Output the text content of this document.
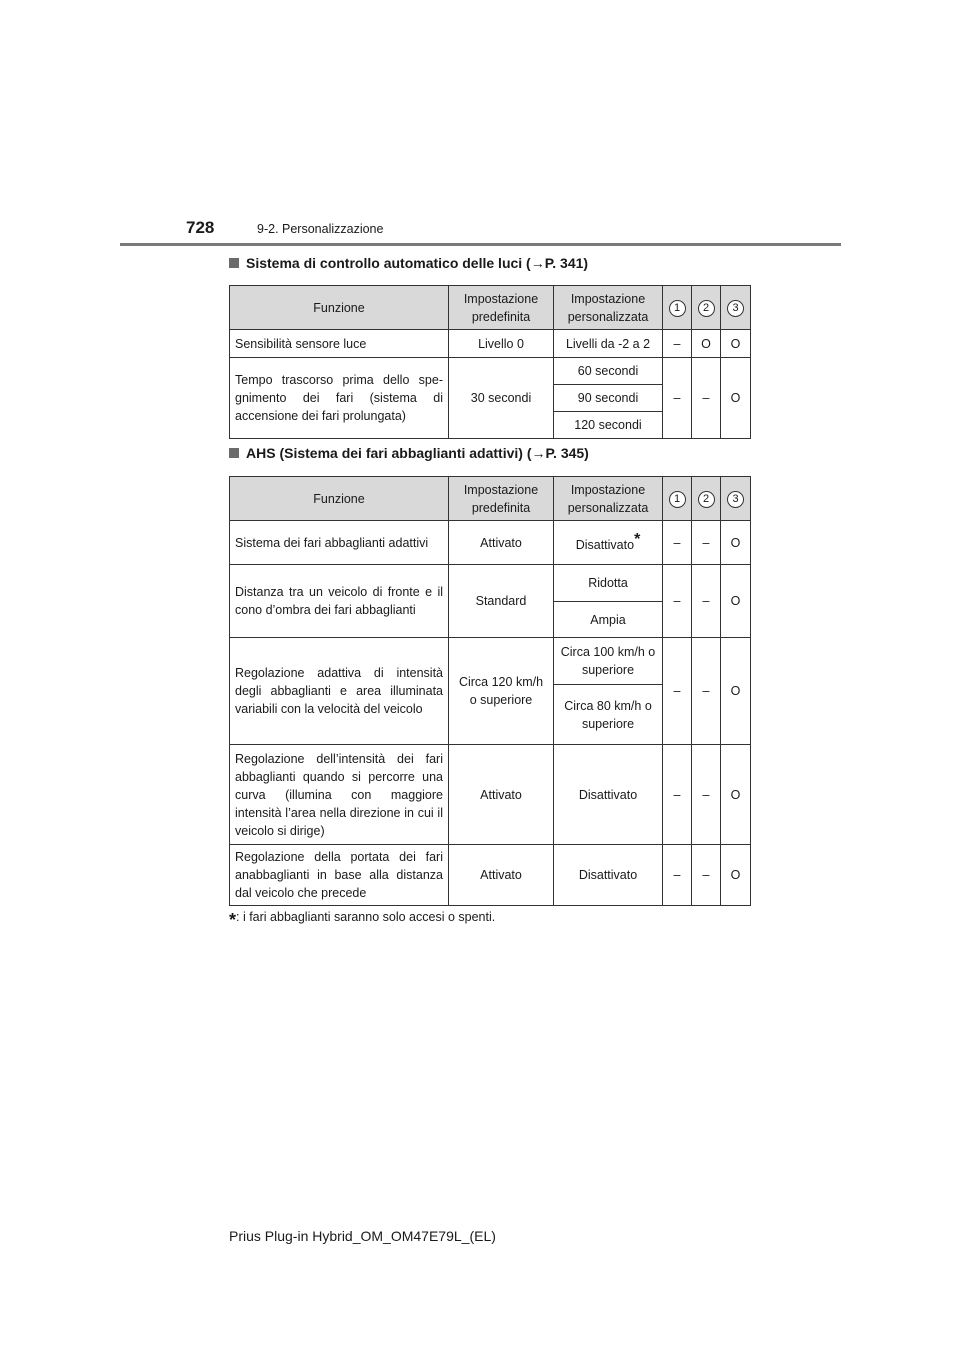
728	9-2. Personalizzazione
Sistema di controllo automatico delle luci (→P. 341)
Funzione	Impostazione predefinita	Impostazione personalizzata	1	2	3
Sensibilità sensore luce	Livello 0	Livelli da -2 a 2	–	O	O
Tempo trascorso prima dello spegnimento dei fari (sistema di accensione dei fari prolungata)	30 secondi	60 secondi	–	–	O
		90 secondi			
		120 secondi			
AHS (Sistema dei fari abbaglianti adattivi) (→P. 345)
Funzione	Impostazione predefinita	Impostazione personalizzata	1	2	3
Sistema dei fari abbaglianti adattivi	Attivato	Disattivato*	–	–	O
Distanza tra un veicolo di fronte e il cono d’ombra dei fari abbaglianti	Standard	Ridotta	–	–	O
		Ampia			
Regolazione adattiva di intensità degli abbaglianti e area illuminata variabili con la velocità del veicolo	Circa 120 km/h o superiore	Circa 100 km/h o superiore	–	–	O
		Circa 80 km/h o superiore			
Regolazione dell’intensità dei fari abbaglianti quando si percorre una curva (illumina con maggiore intensità l’area nella direzione in cui il veicolo si dirige)	Attivato	Disattivato	–	–	O
Regolazione della portata dei fari anabbaglianti in base alla distanza dal veicolo che precede	Attivato	Disattivato	–	–	O
*: i fari abbaglianti saranno solo accesi o spenti.
Prius Plug-in Hybrid_OM_OM47E79L_(EL)
